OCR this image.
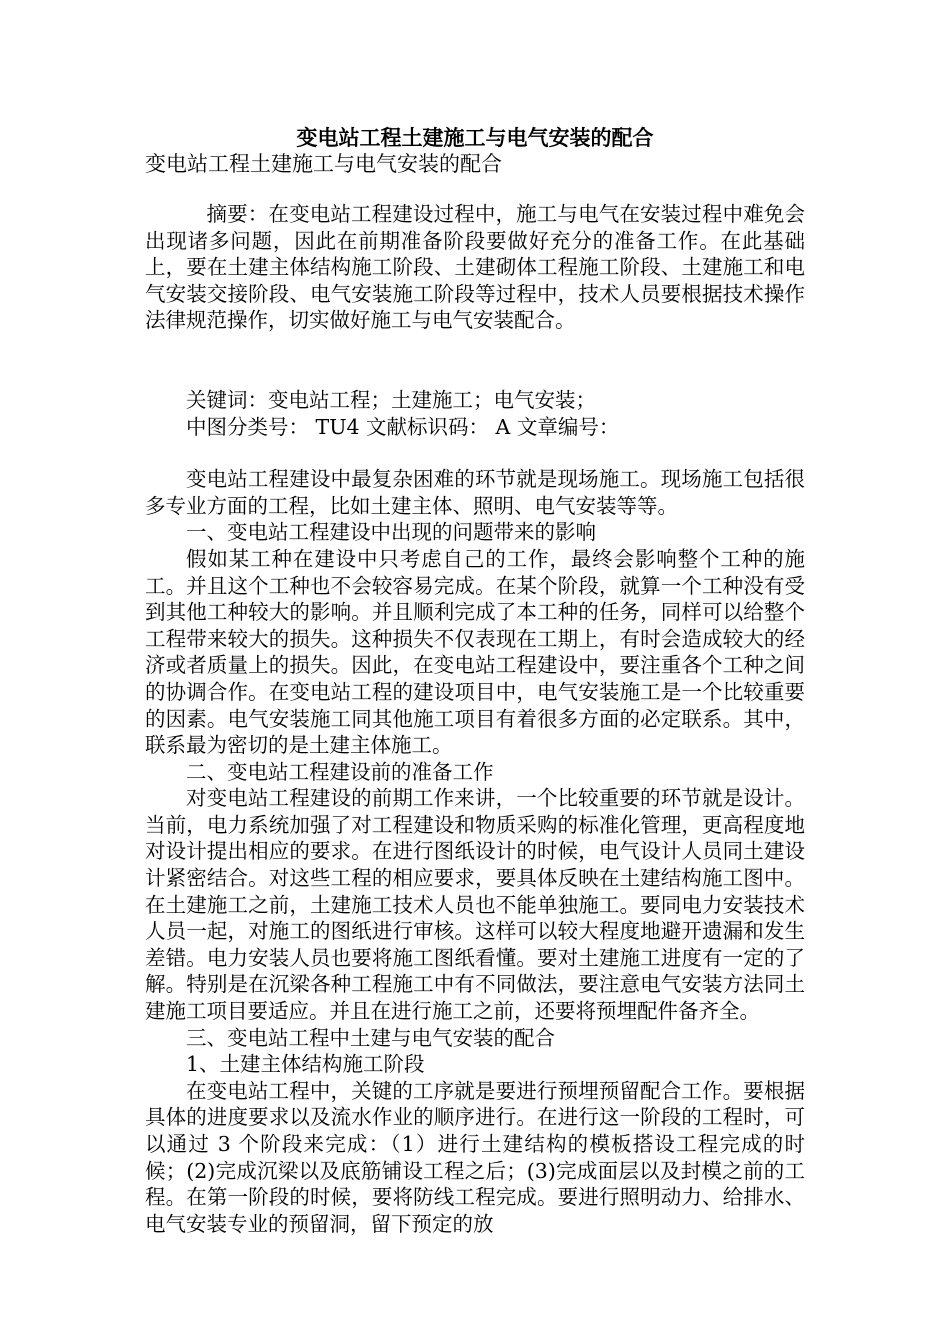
变电站工程土建施工与电气安装的配合
变电站工程土建施工与电气安装的配合

摘要：在变电站工程建设过程中，施工与电气在安装过程中难免会出现诸多问题，因此在前期准备阶段要做好充分的准备工作。在此基础上，要在土建主体结构施工阶段、土建砌体工程施工阶段、土建施工和电气安装交接阶段、电气安装施工阶段等过程中，技术人员要根据技术操作法律规范操作，切实做好施工与电气安装配合。

关键词：变电站工程；土建施工；电气安装；

中图分类号： TU4 文献标识码： A 文章编号：

变电站工程建设中最复杂困难的环节就是现场施工。现场施工包括很多专业方面的工程，比如土建主体、照明、电气安装等等。

一、变电站工程建设中出现的问题带来的影响

假如某工种在建设中只考虑自己的工作，最终会影响整个工种的施工。并且这个工种也不会较容易完成。在某个阶段，就算一个工种没有受到其他工种较大的影响。并且顺利完成了本工种的任务，同样可以给整个工程带来较大的损失。这种损失不仅表现在工期上，有时会造成较大的经济或者质量上的损失。因此，在变电站工程建设中，要注重各个工种之间的协调合作。在变电站工程的建设项目中，电气安装施工是一个比较重要的因素。电气安装施工同其他施工项目有着很多方面的必定联系。其中，联系最为密切的是土建主体施工。

二、变电站工程建设前的准备工作

对变电站工程建设的前期工作来讲，一个比较重要的环节就是设计。当前，电力系统加强了对工程建设和物质采购的标准化管理，更高程度地对设计提出相应的要求。在进行图纸设计的时候，电气设计人员同土建设计紧密结合。对这些工程的相应要求，要具体反映在土建结构施工图中。在土建施工之前，土建施工技术人员也不能单独施工。要同电力安装技术人员一起，对施工的图纸进行审核。这样可以较大程度地避开遗漏和发生差错。电力安装人员也要将施工图纸看懂。要对土建施工进度有一定的了解。特别是在沉梁各种工程施工中有不同做法，要注意电气安装方法同土建施工项目要适应。并且在进行施工之前，还要将预埋配件备齐全。

三、变电站工程中土建与电气安装的配合

1、土建主体结构施工阶段

在变电站工程中，关键的工序就是要进行预埋预留配合工作。要根据具体的进度要求以及流水作业的顺序进行。在进行这一阶段的工程时，可以通过 3 个阶段来完成：（1）进行土建结构的模板搭设工程完成的时候；(2)完成沉梁以及底筋铺设工程之后；(3)完成面层以及封模之前的工程。在第一阶段的时候，要将防线工程完成。要进行照明动力、给排水、电气安装专业的预留洞，留下预定的放
